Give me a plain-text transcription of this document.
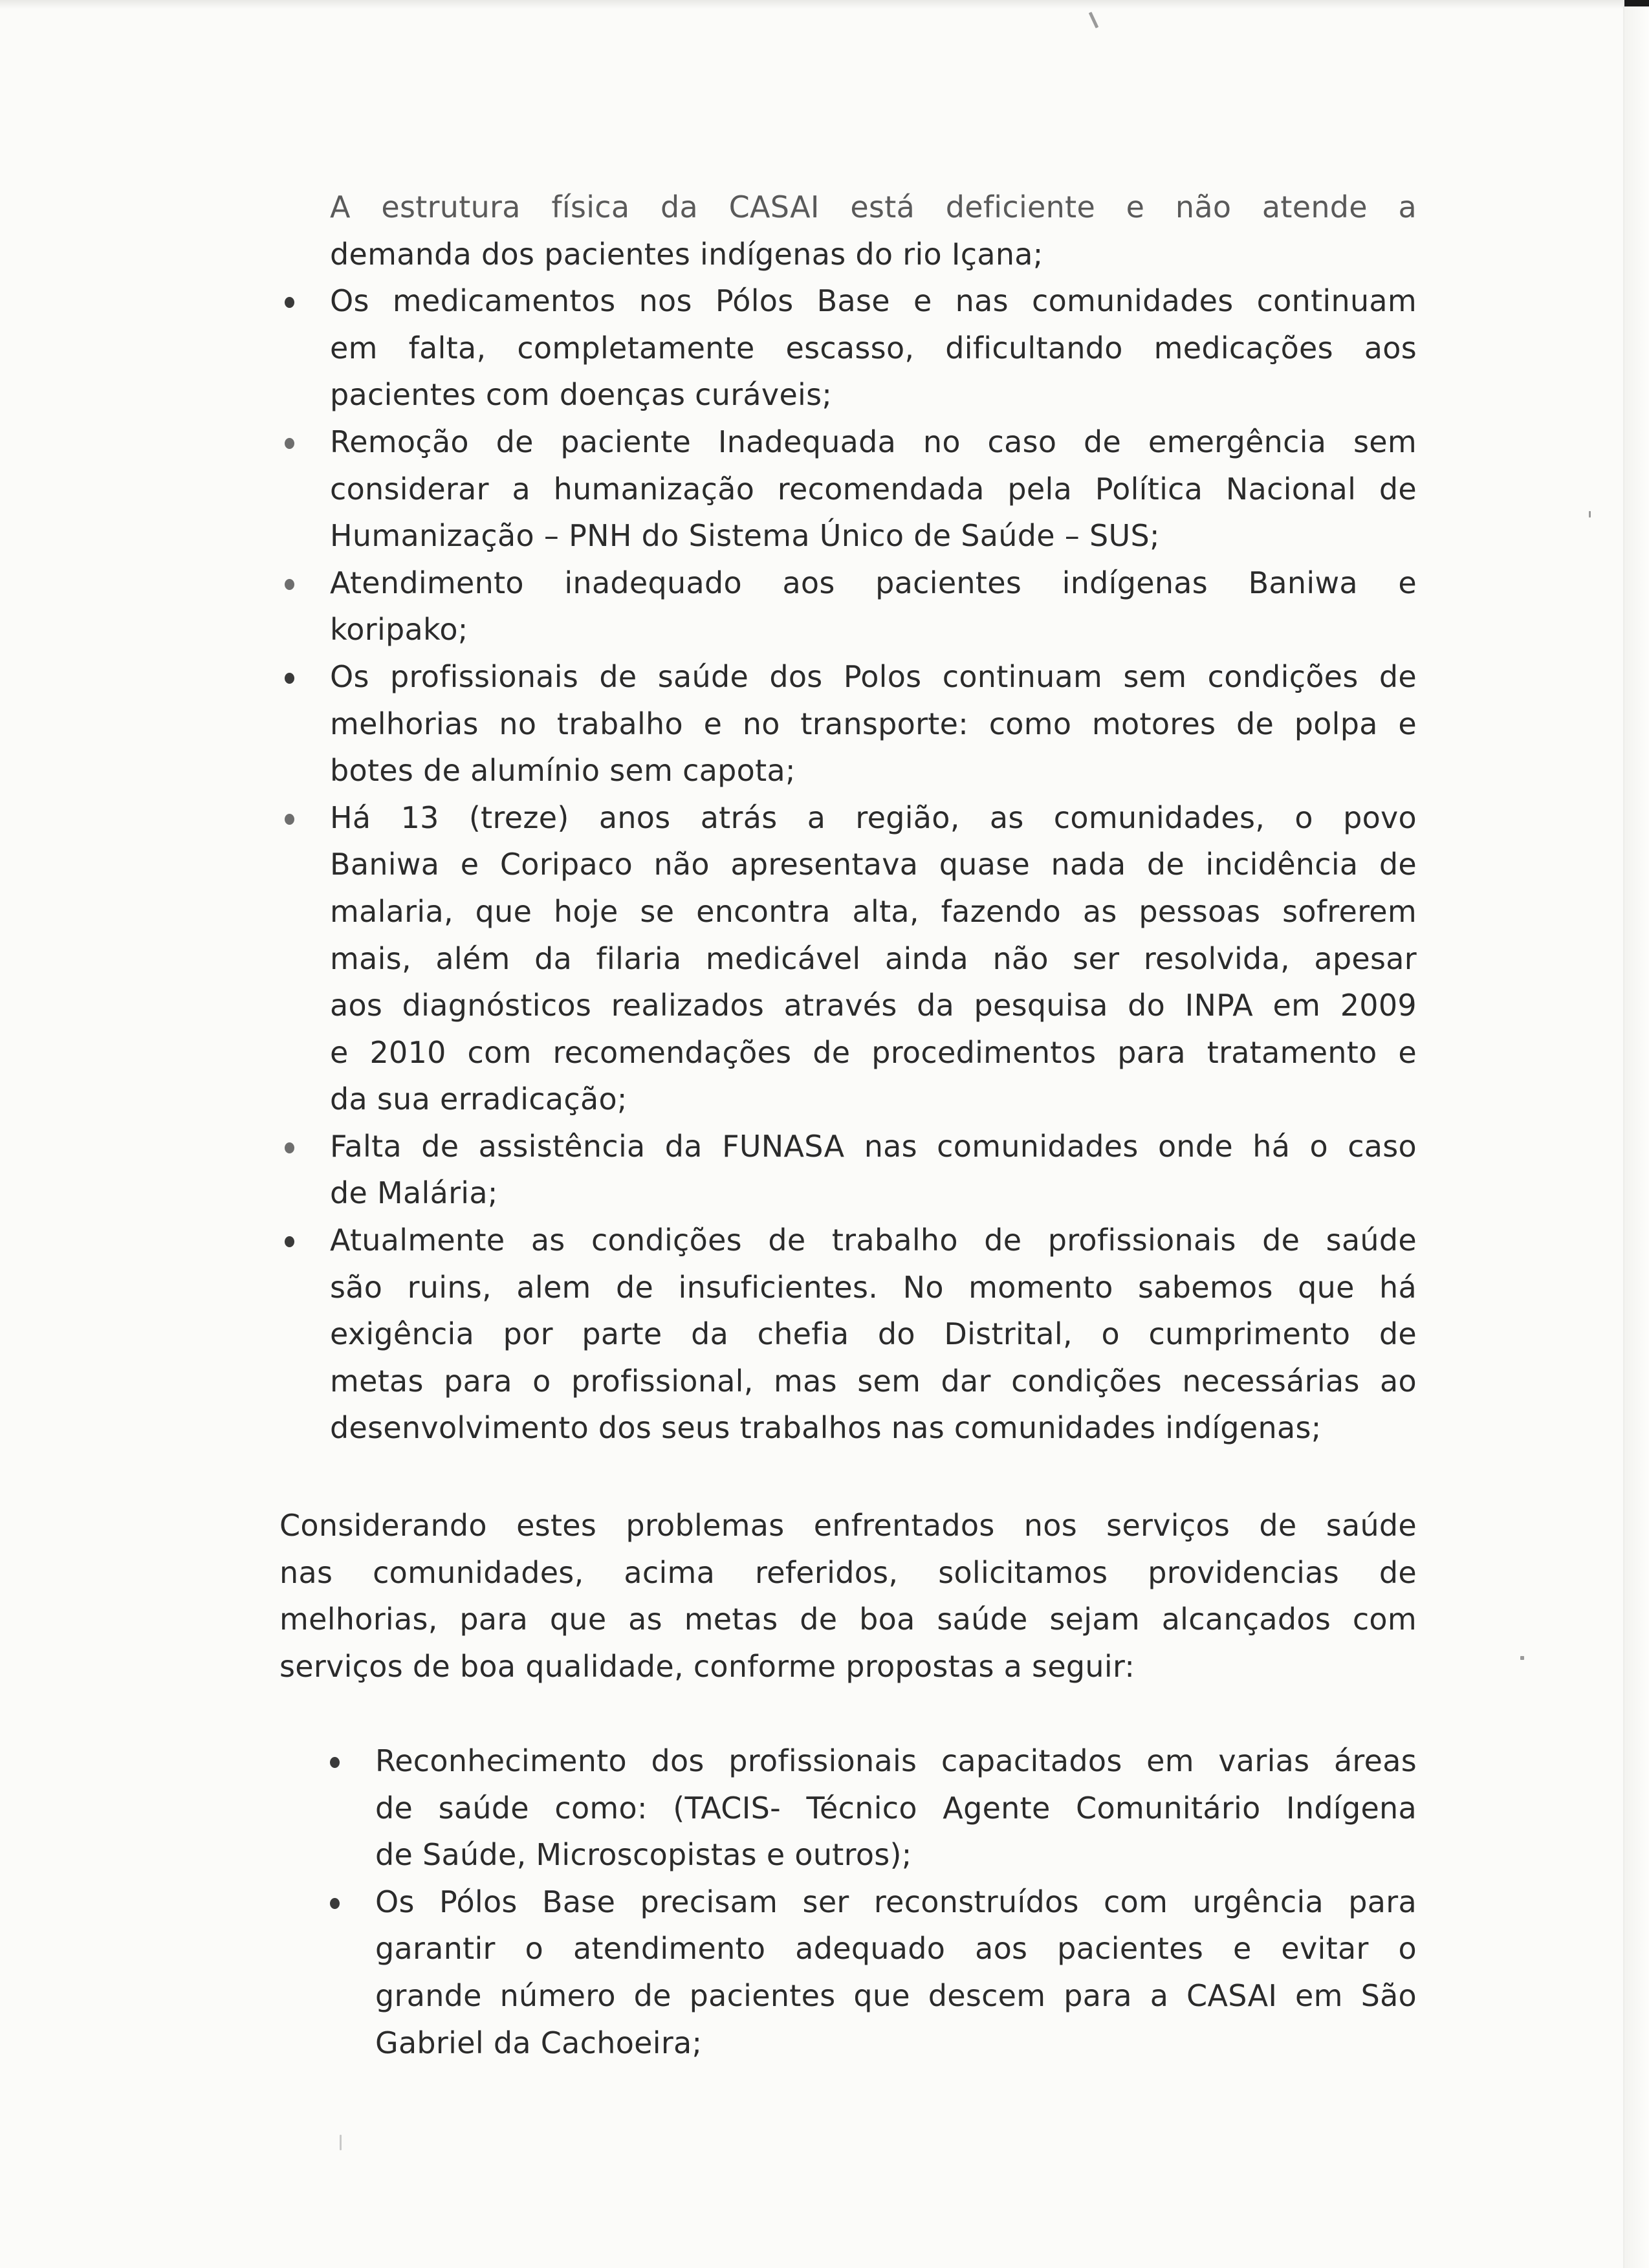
A estrutura física da CASAI está deficiente e não atende a
demanda dos pacientes indígenas do rio Içana;
Os medicamentos nos Pólos Base e nas comunidades continuam
em falta, completamente escasso, dificultando medicações aos
pacientes com doenças curáveis;
Remoção de paciente Inadequada no caso de emergência sem
considerar a humanização recomendada pela Política Nacional de
Humanização – PNH do Sistema Único de Saúde – SUS;
Atendimento inadequado aos pacientes indígenas Baniwa e
koripako;
Os profissionais de saúde dos Polos continuam sem condições de
melhorias no trabalho e no transporte: como motores de polpa e
botes de alumínio sem capota;
Há 13 (treze) anos atrás a região, as comunidades, o povo
Baniwa e Coripaco não apresentava quase nada de incidência de
malaria, que hoje se encontra alta, fazendo as pessoas sofrerem
mais, além da filaria medicável ainda não ser resolvida, apesar
aos diagnósticos realizados através da pesquisa do INPA em 2009
e 2010 com recomendações de procedimentos para tratamento e
da sua erradicação;
Falta de assistência da FUNASA nas comunidades onde há o caso
de Malária;
Atualmente as condições de trabalho de profissionais de saúde
são ruins, alem de insuficientes. No momento sabemos que há
exigência por parte da chefia do Distrital, o cumprimento de
metas para o profissional, mas sem dar condições necessárias ao
desenvolvimento dos seus trabalhos nas comunidades indígenas;
Considerando estes problemas enfrentados nos serviços de saúde
nas comunidades, acima referidos, solicitamos providencias de
melhorias, para que as metas de boa saúde sejam alcançados com
serviços de boa qualidade, conforme propostas a seguir:
Reconhecimento dos profissionais capacitados em varias áreas
de saúde como: (TACIS- Técnico Agente Comunitário Indígena
de Saúde, Microscopistas e outros);
Os Pólos Base precisam ser reconstruídos com urgência para
garantir o atendimento adequado aos pacientes e evitar o
grande número de pacientes que descem para a CASAI em São
Gabriel da Cachoeira;
